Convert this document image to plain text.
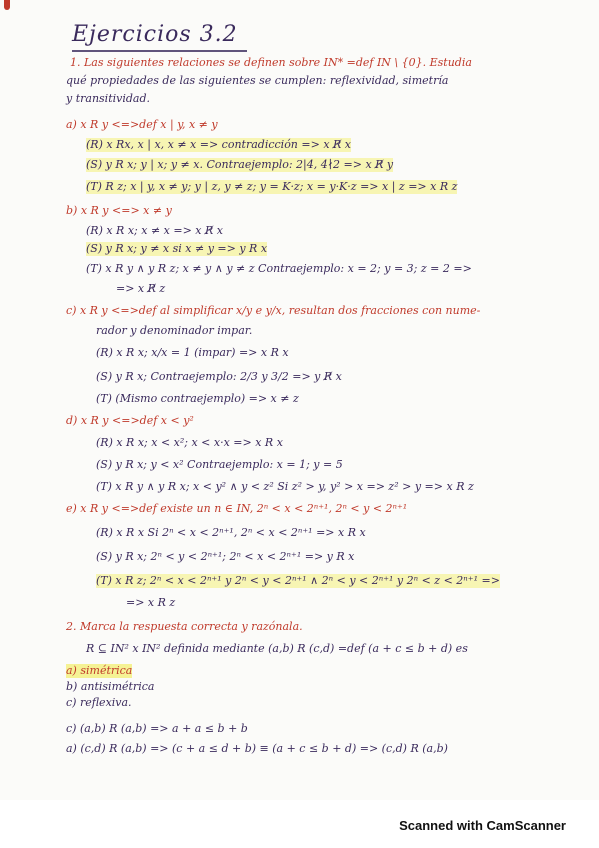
Ejercicios 3.2
1. Las siguientes relaciones se definen sobre IN* =def IN \ {0}. Estudia
qué propiedades de las siguientes se cumplen: reflexividad, simetría
y transitividad.
a) x R y <=>def x | y, x ≠ y
(R) x Rx, x | x, x ≠ x => contradicción => x R̸ x
(S) y R x; y | x; y ≠ x. Contraejemplo: 2|4, 4∤2 => x R̸ y
(T) R z; x | y, x ≠ y; y | z, y ≠ z; y = K·z; x = y·K·z => x | z => x R z
b) x R y <=> x ≠ y
(R) x R x; x ≠ x => x R̸ x
(S) y R x; y ≠ x si x ≠ y => y R x
(T) x R y ∧ y R z; x ≠ y ∧ y ≠ z Contraejemplo: x = 2; y = 3; z = 2 =>
=> x R̸ z
c) x R y <=>def al simplificar x/y e y/x, resultan dos fracciones con nume-
rador y denominador impar.
(R) x R x; x/x = 1 (impar) => x R x
(S) y R x; Contraejemplo: 2/3 y 3/2 => y R̸ x
(T) (Mismo contraejemplo) => x ≠ z
d) x R y <=>def x < y²
(R) x R x; x < x²; x < x·x => x R x
(S) y R x; y < x² Contraejemplo: x = 1; y = 5
(T) x R y ∧ y R x; x < y² ∧ y < z² Si z² > y, y² > x => z² > y => x R z
e) x R y <=>def existe un n ∈ IN, 2ⁿ < x < 2ⁿ⁺¹, 2ⁿ < y < 2ⁿ⁺¹
(R) x R x Si 2ⁿ < x < 2ⁿ⁺¹, 2ⁿ < x < 2ⁿ⁺¹ => x R x
(S) y R x; 2ⁿ < y < 2ⁿ⁺¹; 2ⁿ < x < 2ⁿ⁺¹ => y R x
(T) x R z; 2ⁿ < x < 2ⁿ⁺¹ y 2ⁿ < y < 2ⁿ⁺¹ ∧ 2ⁿ < y < 2ⁿ⁺¹ y 2ⁿ < z < 2ⁿ⁺¹ =>
=> x R z
2. Marca la respuesta correcta y razónala.
R ⊆ IN² x IN² definida mediante (a,b) R (c,d) =def (a + c ≤ b + d) es
a) simétrica
b) antisimétrica
c) reflexiva.
c) (a,b) R (a,b) => a + a ≤ b + b
a) (c,d) R (a,b) => (c + a ≤ d + b) ≡ (a + c ≤ b + d) => (c,d) R (a,b)
Scanned with CamScanner
